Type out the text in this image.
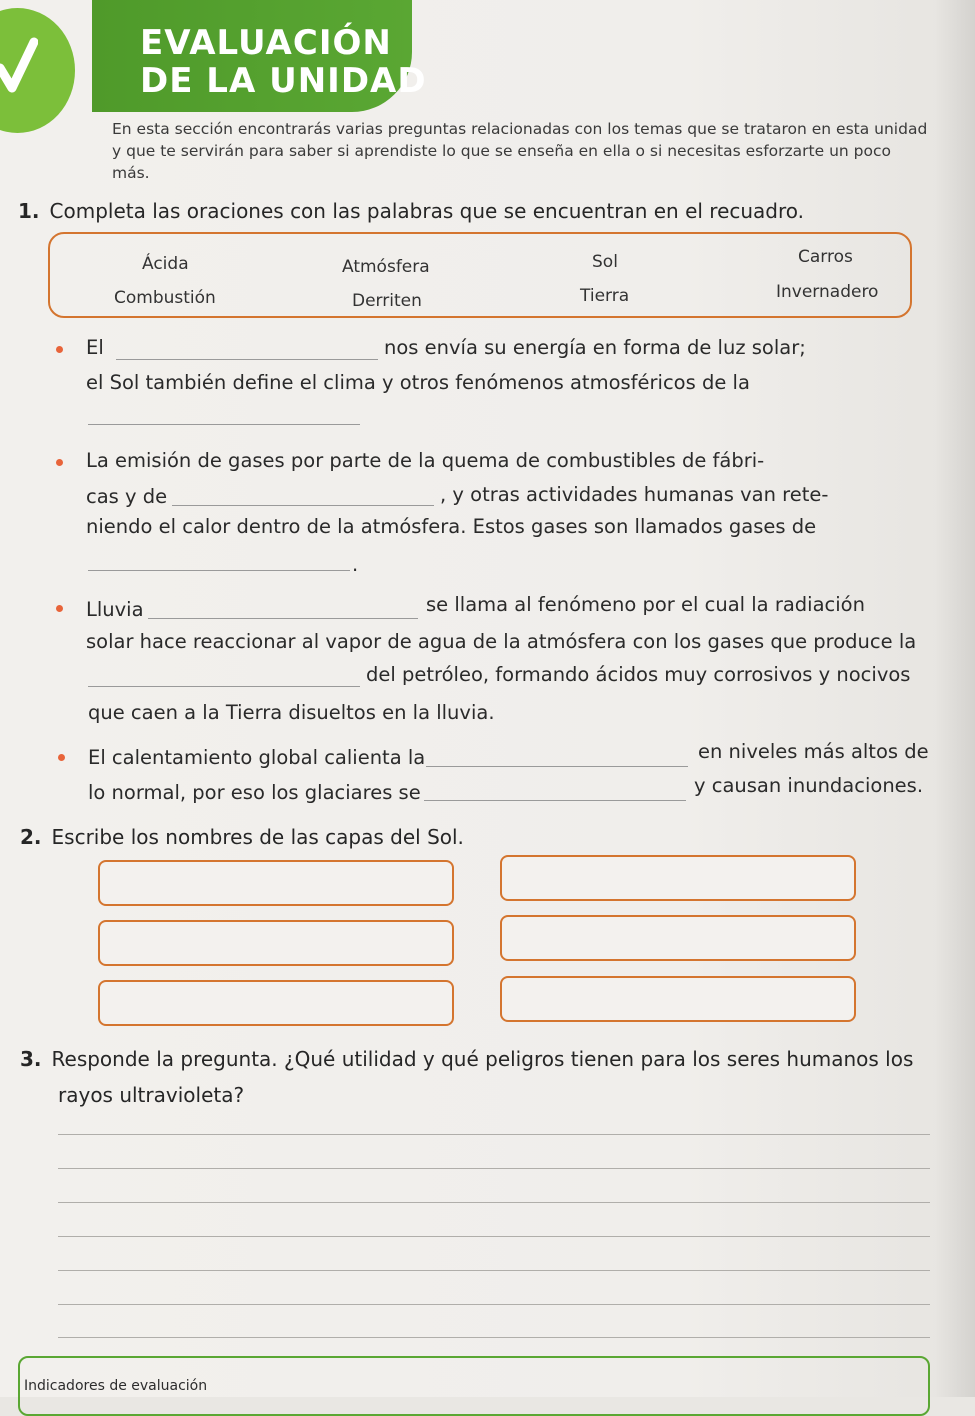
EVALUACIÓN
DE LA UNIDAD

En esta sección encontrarás varias preguntas relacionadas con los temas que se trataron en esta unidad y que te servirán para saber si aprendiste lo que se enseña en ella o si necesitas esforzarte un poco más.

1. Completa las oraciones con las palabras que se encuentran en el recuadro.

Ácida	Atmósfera	Sol	Carros
Combustión	Derriten	Tierra	Invernadero

El	nos envía su energía en forma de luz solar;

el Sol también define el clima y otros fenómenos atmosféricos de la

La emisión de gases por parte de la quema de combustibles de fábri-

cas y de	, y otras actividades humanas van rete-

niendo el calor dentro de la atmósfera. Estos gases son llamados gases de

.

Lluvia	se llama al fenómeno por el cual la radiación

solar hace reaccionar al vapor de agua de la atmósfera con los gases que produce la

del petróleo, formando ácidos muy corrosivos y nocivos

que caen a la Tierra disueltos en la lluvia.

El calentamiento global calienta la	en niveles más altos de

lo normal, por eso los glaciares se	y causan inundaciones.

2. Escribe los nombres de las capas del Sol.

3. Responde la pregunta. ¿Qué utilidad y qué peligros tienen para los seres humanos los

rayos ultravioleta?

Indicadores de evaluación
